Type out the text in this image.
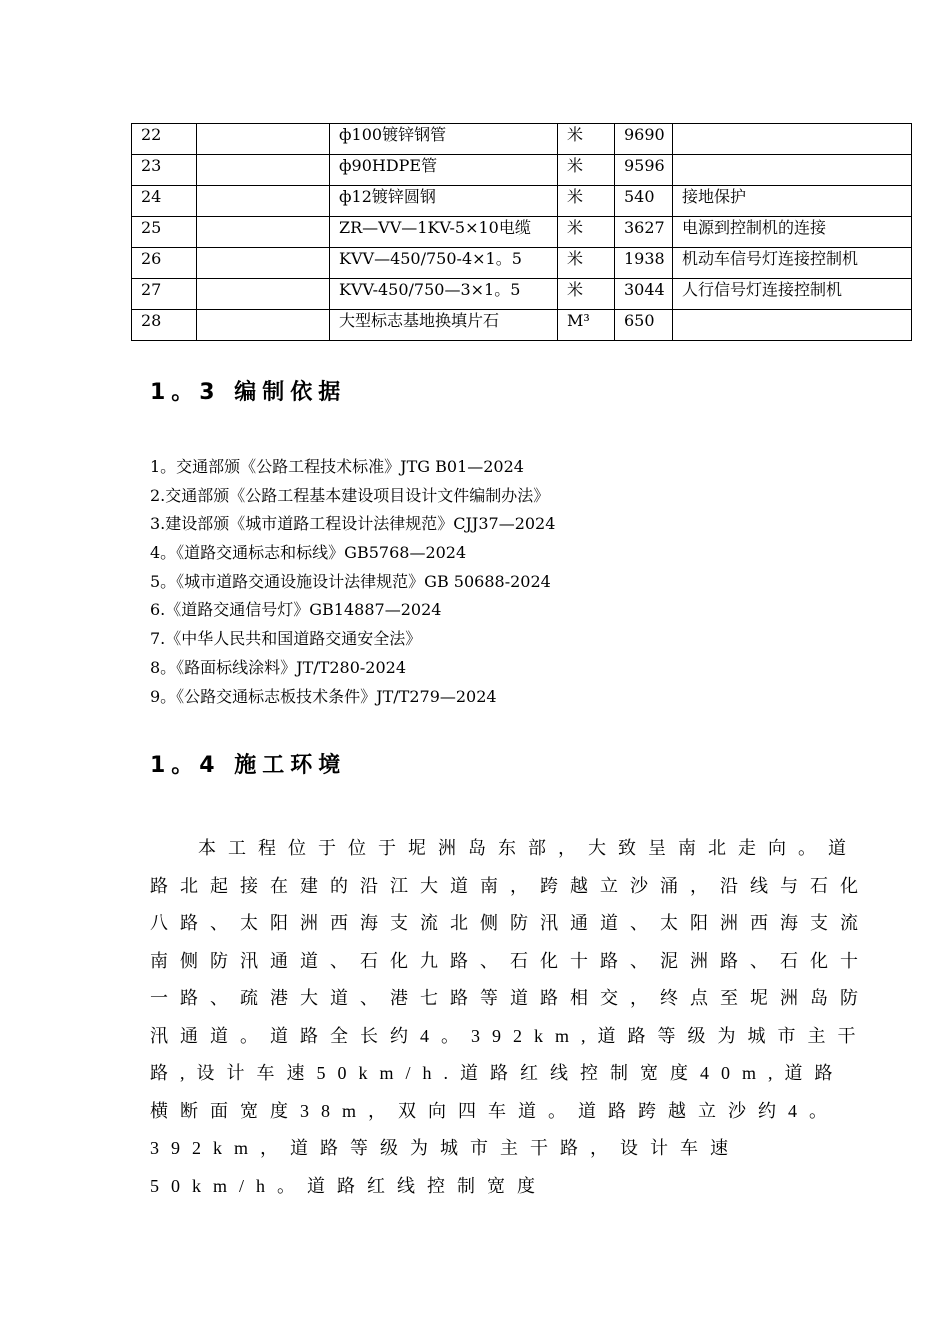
22		ф100镀锌钢管	米	9690	
23		ф90HDPE管	米	9596	
24		ф12镀锌圆钢	米	540	接地保护
25		ZR—VV—1KV-5×10电缆	米	3627	电源到控制机的连接
26		KVV—450/750-4×1。5	米	1938	机动车信号灯连接控制机
27		KVV-450/750—3×1。5	米	3044	人行信号灯连接控制机
28		大型标志基地换填片石	M³	650	
1。3 编制依据
1。交通部颁《公路工程技术标准》JTG B01—2024
2.交通部颁《公路工程基本建设项目设计文件编制办法》
3.建设部颁《城市道路工程设计法律规范》CJJ37—2024
4。《道路交通标志和标线》GB5768—2024
5。《城市道路交通设施设计法律规范》GB 50688-2024
6.《道路交通信号灯》GB14887—2024
7.《中华人民共和国道路交通安全法》
8。《路面标线涂料》JT/T280-2024
9。《公路交通标志板技术条件》JT/T279—2024
1。4 施工环境

本工程位于位于坭洲岛东部，大致呈南北走向。道路北起接在建的沿江大道南，跨越立沙涌，沿线与石化八路、太阳洲西海支流北侧防汛通道、太阳洲西海支流南侧防汛通道、石化九路、石化十路、泥洲路、石化十一路、疏港大道、港七路等道路相交，终点至坭洲岛防汛通道。道路全长约4。392km,道路等级为城市主干路,设计车速50km/h.道路红线控制宽度40m,道路横断面宽度38m，双向四车道。道路跨越立沙约4。392km，道路等级为城市主干路，设计车速50km/h。道路红线控制宽度
